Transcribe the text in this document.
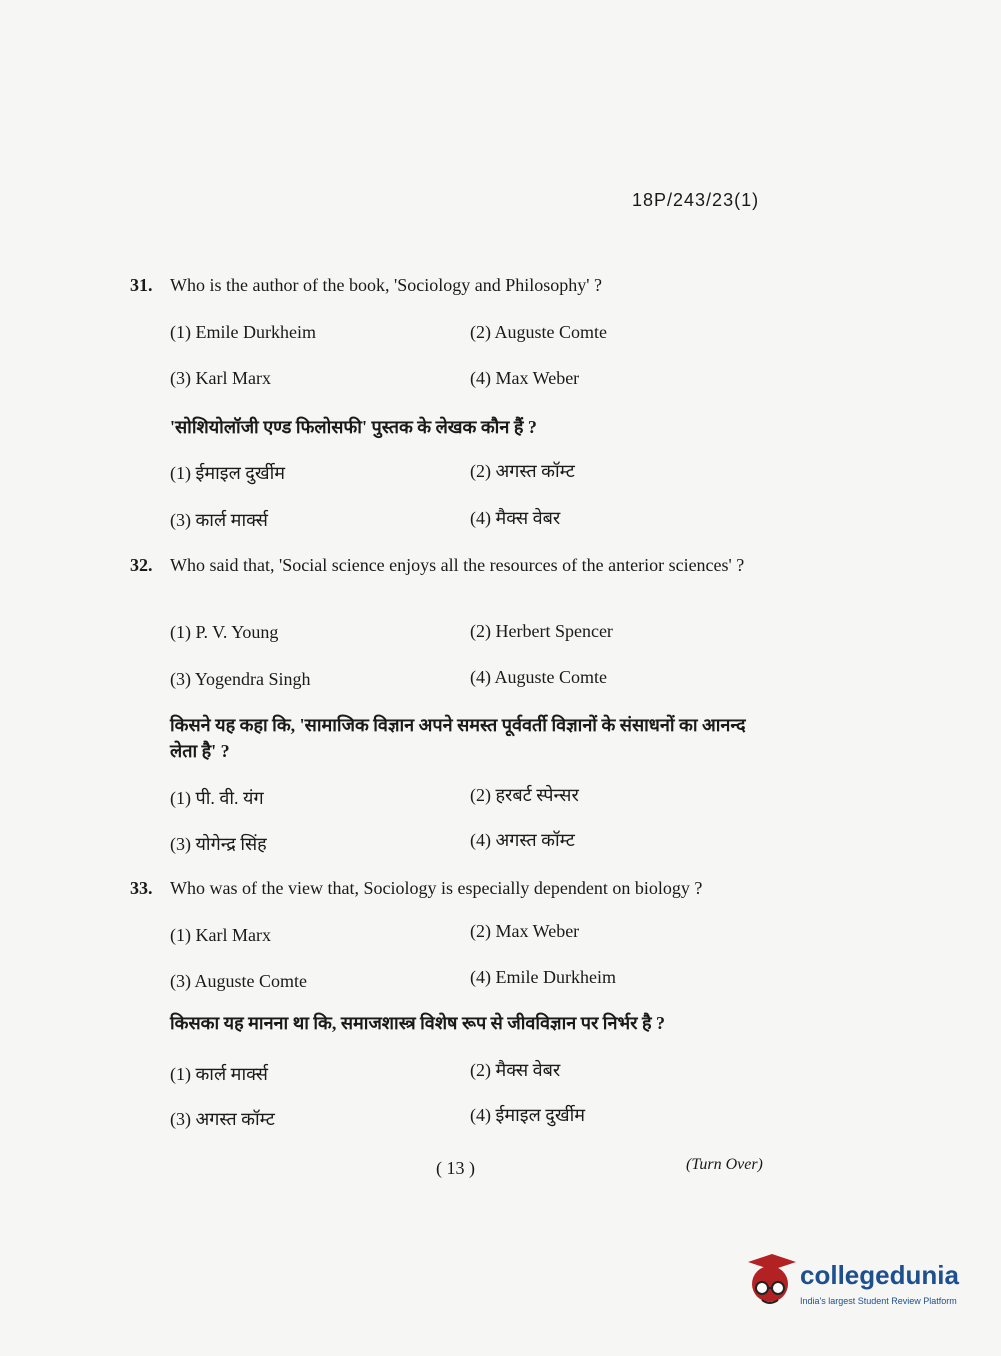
18P/243/23(1)
31. Who is the author of the book, 'Sociology and Philosophy' ?
(1) Emile Durkheim	(2) Auguste Comte
(3) Karl Marx	(4) Max Weber
'सोशियोलॉजी एण्ड फिलोसफी' पुस्तक के लेखक कौन हैं ?
(1) ईमाइल दुर्खीम	(2) अगस्त कॉम्ट
(3) कार्ल मार्क्स	(4) मैक्स वेबर
32. Who said that, 'Social science enjoys all the resources of the anterior sciences' ?
(1) P. V. Young	(2) Herbert Spencer
(3) Yogendra Singh	(4) Auguste Comte
किसने यह कहा कि, 'सामाजिक विज्ञान अपने समस्त पूर्ववर्ती विज्ञानों के संसाधनों का आनन्द लेता है' ?
(1) पी. वी. यंग	(2) हरबर्ट स्पेन्सर
(3) योगेन्द्र सिंह	(4) अगस्त कॉम्ट
33. Who was of the view that, Sociology is especially dependent on biology ?
(1) Karl Marx	(2) Max Weber
(3) Auguste Comte	(4) Emile Durkheim
किसका यह मानना था कि, समाजशास्त्र विशेष रूप से जीवविज्ञान पर निर्भर है ?
(1) कार्ल मार्क्स	(2) मैक्स वेबर
(3) अगस्त कॉम्ट	(4) ईमाइल दुर्खीम
( 13 )	(Turn Over)
collegedunia
India's largest Student Review Platform
